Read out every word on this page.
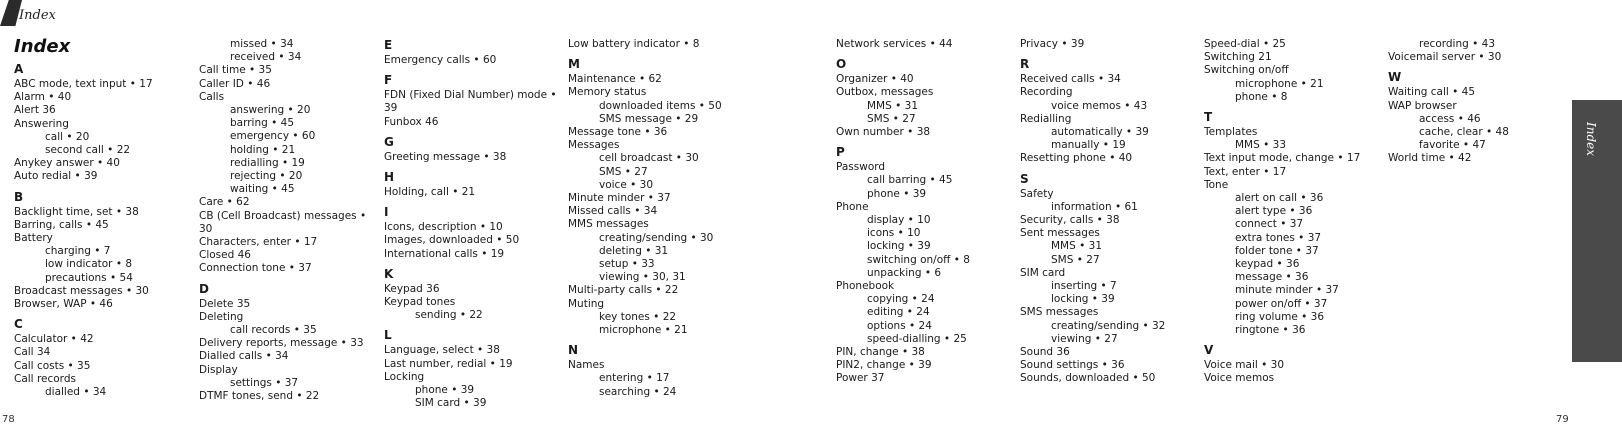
Index
Index
A
ABC mode, text input • 17
Alarm • 40
Alert 36
Answering
call • 20
second call • 22
Anykey answer • 40
Auto redial • 39
B
Backlight time, set • 38
Barring, calls • 45
Battery
charging • 7
low indicator • 8
precautions • 54
Broadcast messages • 30
Browser, WAP • 46
C
Calculator • 42
Call 34
Call costs • 35
Call records
dialled • 34
missed • 34
received • 34
Call time • 35
Caller ID • 46
Calls
answering • 20
barring • 45
emergency • 60
holding • 21
redialling • 19
rejecting • 20
waiting • 45
Care • 62
CB (Cell Broadcast) messages • 30
Characters, enter • 17
Closed 46
Connection tone • 37
D
Delete 35
Deleting
call records • 35
Delivery reports, message • 33
Dialled calls • 34
Display
settings • 37
DTMF tones, send • 22
E
Emergency calls • 60
F
FDN (Fixed Dial Number) mode • 39
Funbox 46
G
Greeting message • 38
H
Holding, call • 21
I
Icons, description • 10
Images, downloaded • 50
International calls • 19
K
Keypad 36
Keypad tones
sending • 22
L
Language, select • 38
Last number, redial • 19
Locking
phone • 39
SIM card • 39
Low battery indicator • 8
M
Maintenance • 62
Memory status
downloaded items • 50
SMS message • 29
Message tone • 36
Messages
cell broadcast • 30
SMS • 27
voice • 30
Minute minder • 37
Missed calls • 34
MMS messages
creating/sending • 30
deleting • 31
setup • 33
viewing • 30, 31
Multi-party calls • 22
Muting
key tones • 22
microphone • 21
N
Names
entering • 17
searching • 24
Network services • 44
O
Organizer • 40
Outbox, messages
MMS • 31
SMS • 27
Own number • 38
P
Password
call barring • 45
phone • 39
Phone
display • 10
icons • 10
locking • 39
switching on/off • 8
unpacking • 6
Phonebook
copying • 24
editing • 24
options • 24
speed-dialling • 25
PIN, change • 38
PIN2, change • 39
Power 37
Privacy • 39
R
Received calls • 34
Recording
voice memos • 43
Redialling
automatically • 39
manually • 19
Resetting phone • 40
S
Safety
information • 61
Security, calls • 38
Sent messages
MMS • 31
SMS • 27
SIM card
inserting • 7
locking • 39
SMS messages
creating/sending • 32
viewing • 27
Sound 36
Sound settings • 36
Sounds, downloaded • 50
Speed-dial • 25
Switching 21
Switching on/off
microphone • 21
phone • 8
T
Templates
MMS • 33
Text input mode, change • 17
Text, enter • 17
Tone
alert on call • 36
alert type • 36
connect • 37
extra tones • 37
folder tone • 37
keypad • 36
message • 36
minute minder • 37
power on/off • 37
ring volume • 36
ringtone • 36
V
Voice mail • 30
Voice memos
recording • 43
Voicemail server • 30
W
Waiting call • 45
WAP browser
access • 46
cache, clear • 48
favorite • 47
World time • 42
Index
78	79
